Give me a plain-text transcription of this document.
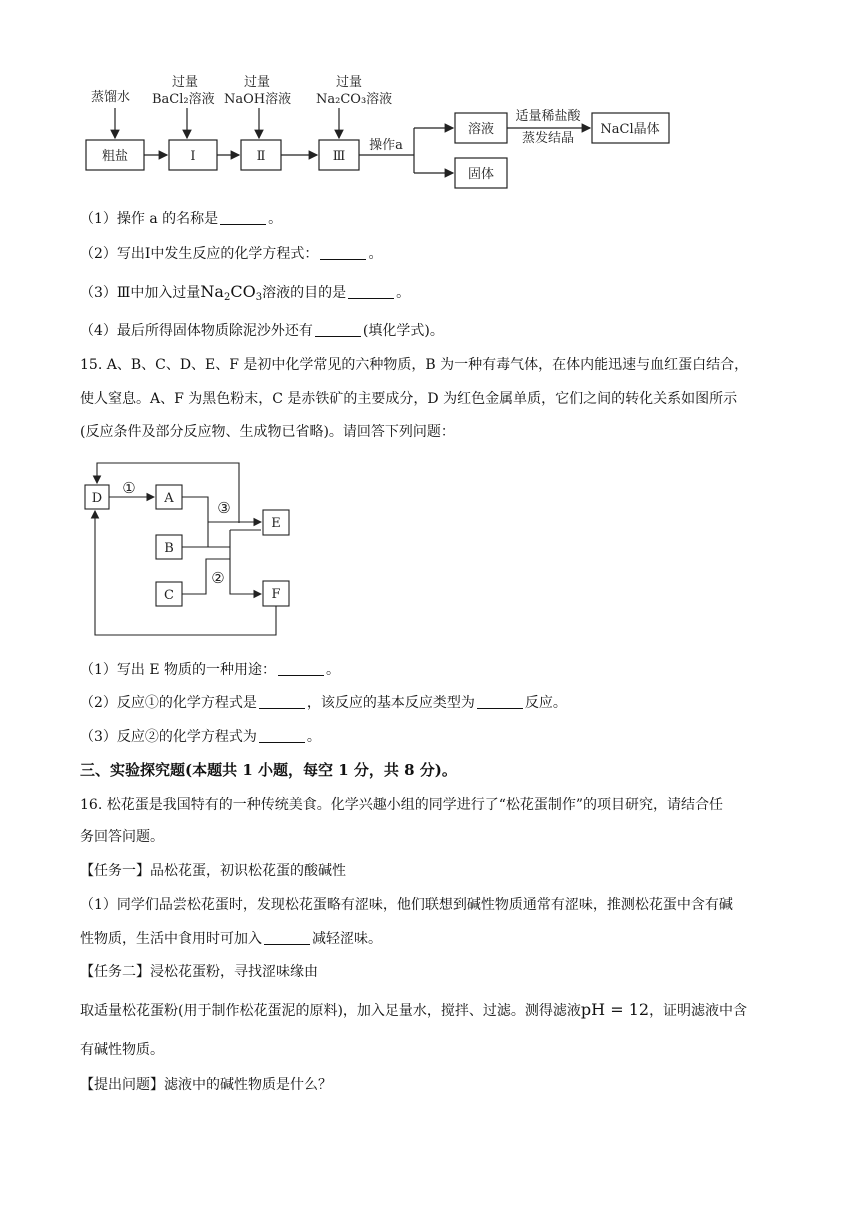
蒸馏水
过量
BaCl₂溶液
过量
NaOH溶液
过量
Na₂CO₃溶液
粗盐	Ⅰ	Ⅱ	Ⅲ
溶液
固体
NaCl晶体
操作a
适量稀盐酸
蒸发结晶
（1）操作 a 的名称是	。
（2）写出Ⅰ中发生反应的化学方程式：	。
（3）Ⅲ中加入过量$Na_2CO_3$溶液的目的是	。
（4）最后所得固体物质除泥沙外还有	(填化学式)。
15. A、B、C、D、E、F 是初中化学常见的六种物质，B 为一种有毒气体，在体内能迅速与血红蛋白结合，
使人窒息。A、F 为黑色粉末，C 是赤铁矿的主要成分，D 为红色金属单质，它们之间的转化关系如图所示
(反应条件及部分反应物、生成物已省略)。请回答下列问题：
D	A
B
C
E
F
①
②
③
（1）写出 E 物质的一种用途：	。
（2）反应①的化学方程式是	，该反应的基本反应类型为	反应。
（3）反应②的化学方程式为	。
三、实验探究题(本题共 1 小题，每空 1 分，共 8 分)。
16. 松花蛋是我国特有的一种传统美食。化学兴趣小组的同学进行了“松花蛋制作”的项目研究，请结合任
务回答问题。
【任务一】品松花蛋，初识松花蛋的酸碱性
（1）同学们品尝松花蛋时，发现松花蛋略有涩味，他们联想到碱性物质通常有涩味，推测松花蛋中含有碱
性物质，生活中食用时可加入	减轻涩味。
【任务二】浸松花蛋粉，寻找涩味缘由
取适量松花蛋粉(用于制作松花蛋泥的原料)，加入足量水，搅拌、过滤。测得滤液pH = 12，证明滤液中含
有碱性物质。
【提出问题】滤液中的碱性物质是什么？
